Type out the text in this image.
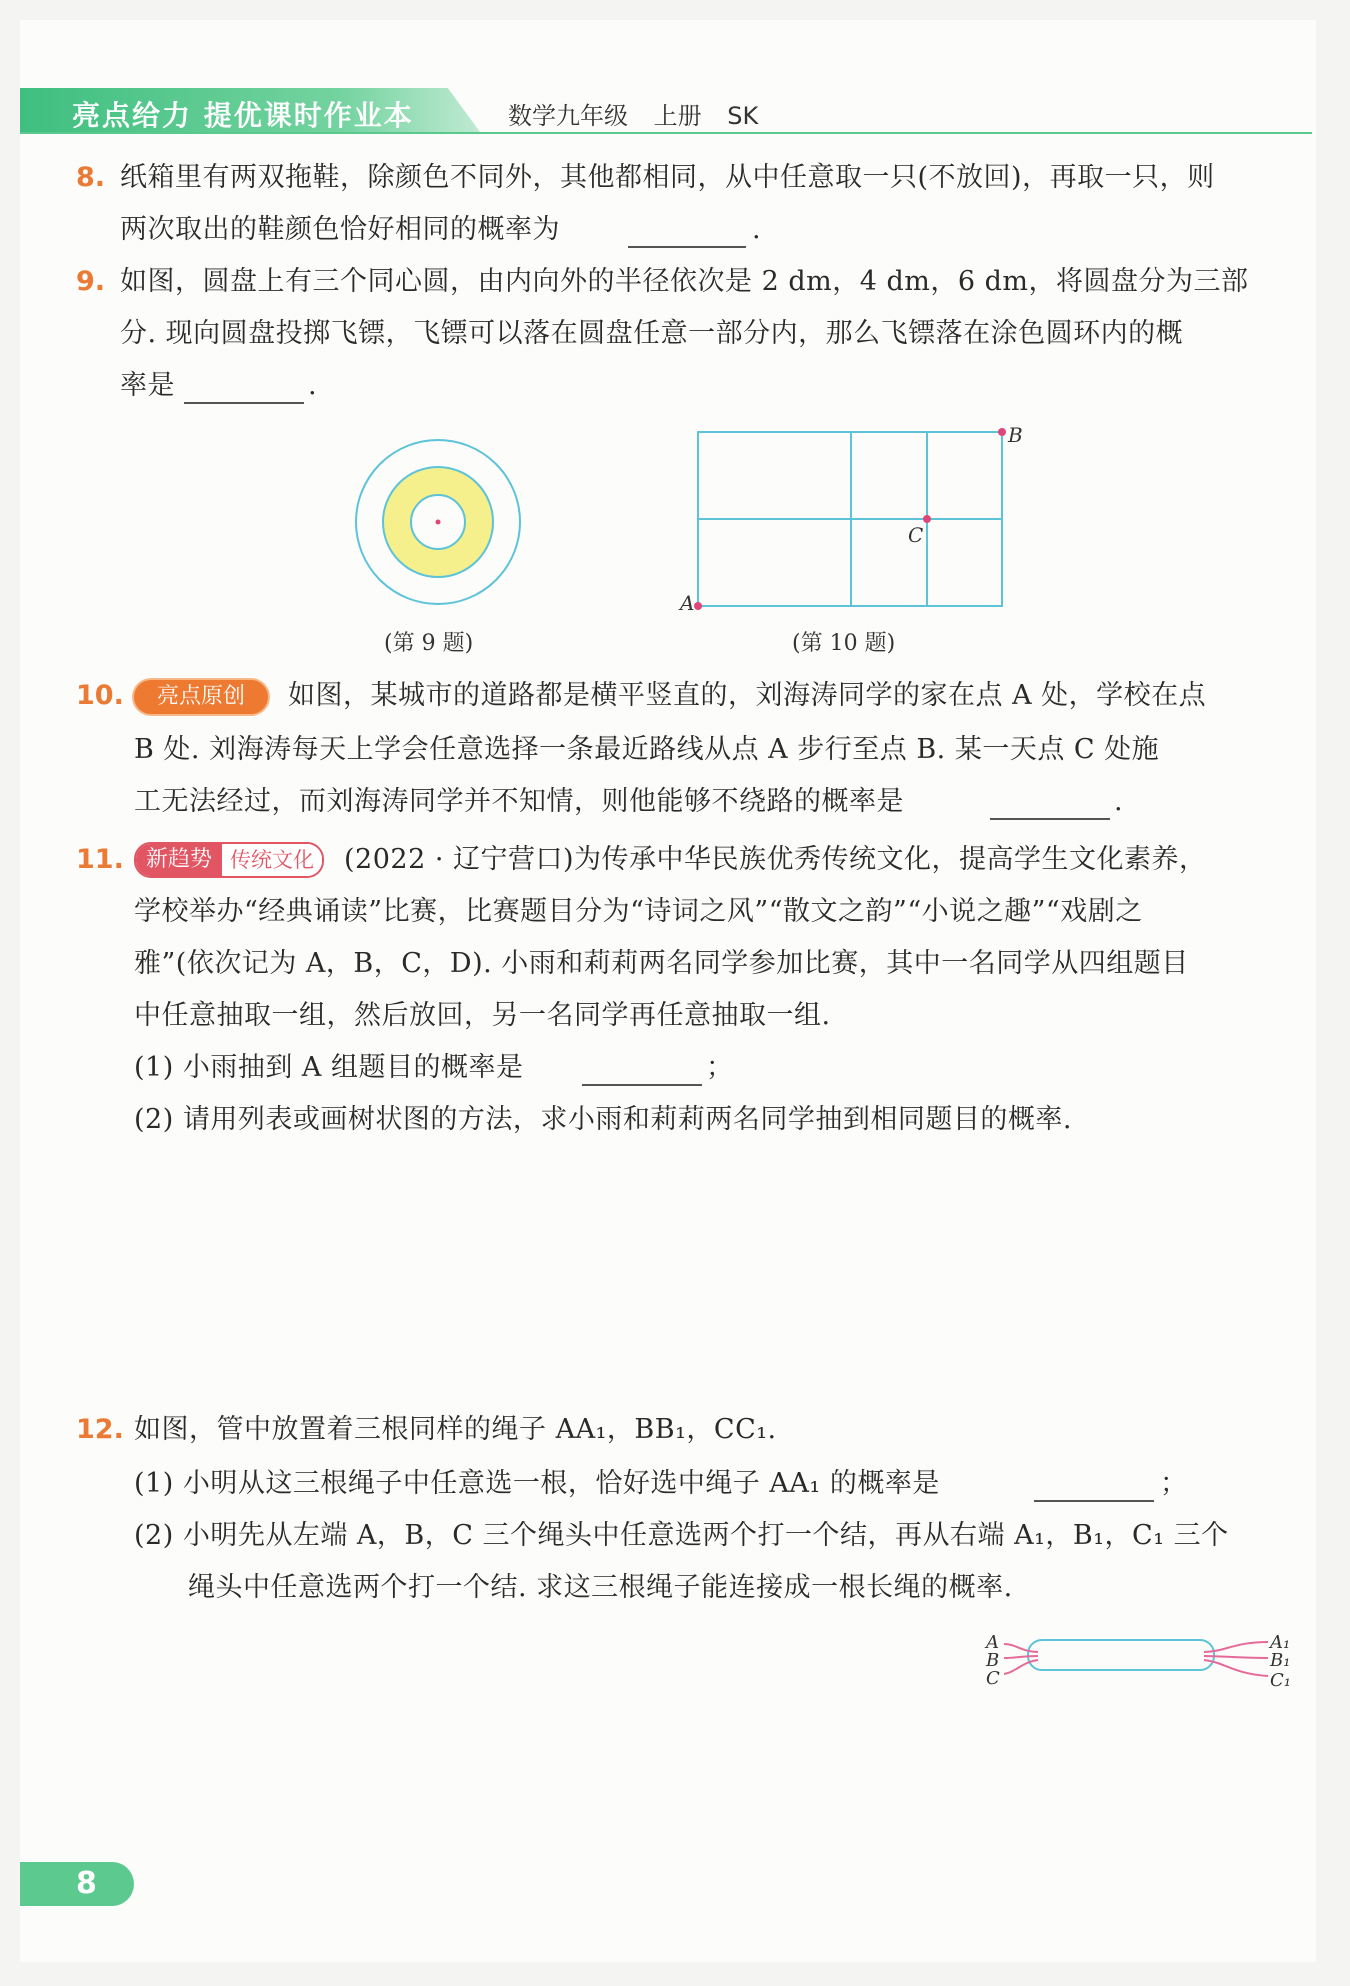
亮点给力 提优课时作业本	数学九年级 上册 SK
8. 纸箱里有两双拖鞋，除颜色不同外，其他都相同，从中任意取一只(不放回)，再取一只，则
两次取出的鞋颜色恰好相同的概率为	.
9. 如图，圆盘上有三个同心圆，由内向外的半径依次是 2 dm，4 dm，6 dm，将圆盘分为三部
分. 现向圆盘投掷飞镖，飞镖可以落在圆盘任意一部分内，那么飞镖落在涂色圆环内的概
率是	.
(第 9 题)
A
B
C
(第 10 题)
10.	亮点原创	如图，某城市的道路都是横平竖直的，刘海涛同学的家在点 A 处，学校在点
B 处. 刘海涛每天上学会任意选择一条最近路线从点 A 步行至点 B. 某一天点 C 处施
工无法经过，而刘海涛同学并不知情，则他能够不绕路的概率是	.
11.	新趋势 传统文化 (2022 · 辽宁营口)为传承中华民族优秀传统文化，提高学生文化素养，
学校举办“经典诵读”比赛，比赛题目分为“诗词之风”“散文之韵”“小说之趣”“戏剧之
雅”(依次记为 A，B，C，D). 小雨和莉莉两名同学参加比赛，其中一名同学从四组题目
中任意抽取一组，然后放回，另一名同学再任意抽取一组.
(1) 小雨抽到 A 组题目的概率是	；
(2) 请用列表或画树状图的方法，求小雨和莉莉两名同学抽到相同题目的概率.
12. 如图，管中放置着三根同样的绳子 AA₁，BB₁，CC₁.
(1) 小明从这三根绳子中任意选一根，恰好选中绳子 AA₁ 的概率是	；
(2) 小明先从左端 A，B，C 三个绳头中任意选两个打一个结，再从右端 A₁，B₁，C₁ 三个
绳头中任意选两个打一个结. 求这三根绳子能连接成一根长绳的概率.
A
B
C
A₁
B₁
C₁
8
